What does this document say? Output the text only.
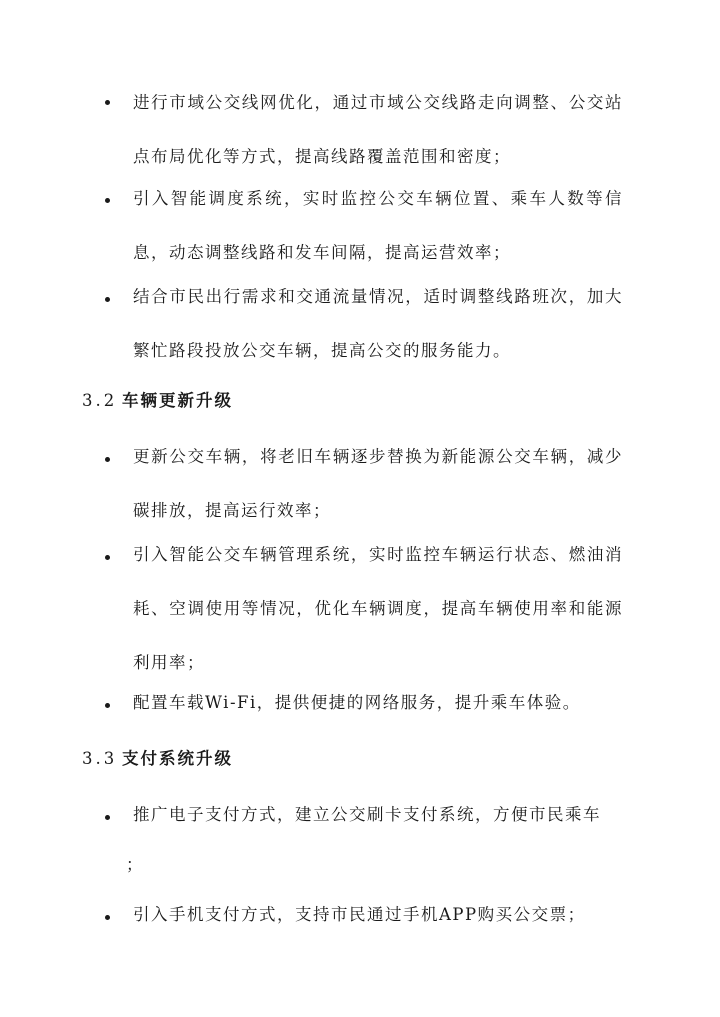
进行市域公交线网优化，通过市域公交线路走向调整、公交站点布局优化等方式，提高线路覆盖范围和密度；

引入智能调度系统，实时监控公交车辆位置、乘车人数等信息，动态调整线路和发车间隔，提高运营效率；

结合市民出行需求和交通流量情况，适时调整线路班次，加大繁忙路段投放公交车辆，提高公交的服务能力。

3.2 车辆更新升级

更新公交车辆，将老旧车辆逐步替换为新能源公交车辆，减少碳排放，提高运行效率；

引入智能公交车辆管理系统，实时监控车辆运行状态、燃油消耗、空调使用等情况，优化车辆调度，提高车辆使用率和能源利用率；

配置车载Wi-Fi，提供便捷的网络服务，提升乘车体验。

3.3 支付系统升级

推广电子支付方式，建立公交刷卡支付系统，方便市民乘车

；

引入手机支付方式，支持市民通过手机APP购买公交票；
